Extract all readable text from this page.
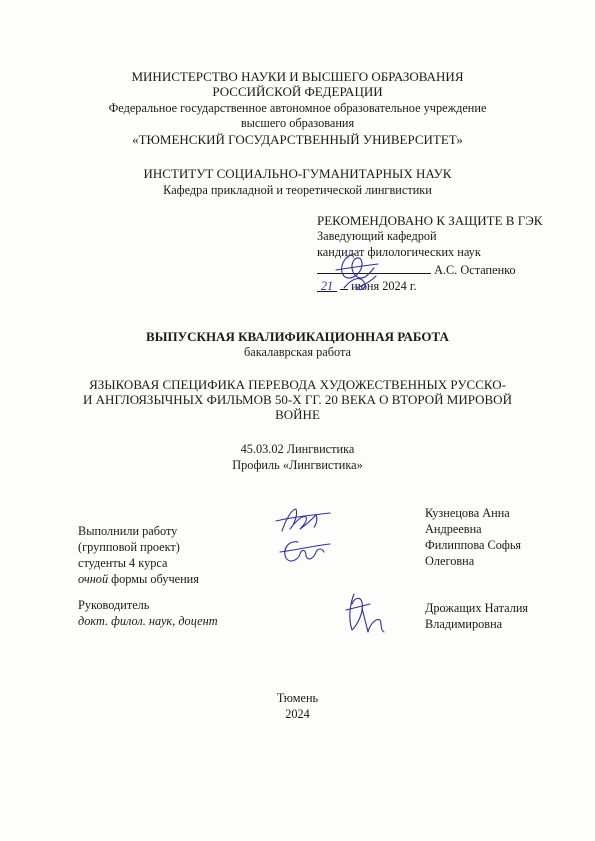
МИНИСТЕРСТВО НАУКИ И ВЫСШЕГО ОБРАЗОВАНИЯ
РОССИЙСКОЙ ФЕДЕРАЦИИ
Федеральное государственное автономное образовательное учреждение
высшего образования
«ТЮМЕНСКИЙ ГОСУДАРСТВЕННЫЙ УНИВЕРСИТЕТ»
ИНСТИТУТ СОЦИАЛЬНО-ГУМАНИТАРНЫХ НАУК
Кафедра прикладной и теоретической лингвистики
РЕКОМЕНДОВАНО К ЗАЩИТЕ В ГЭК
Заведующий кафедрой
кандидат филологических наук
А.С. Остапенко
21 июня 2024 г.
ВЫПУСКНАЯ КВАЛИФИКАЦИОННАЯ РАБОТА
бакалаврская работа
ЯЗЫКОВАЯ СПЕЦИФИКА ПЕРЕВОДА ХУДОЖЕСТВЕННЫХ РУССКО-
И АНГЛОЯЗЫЧНЫХ ФИЛЬМОВ 50-Х ГГ. 20 ВЕКА О ВТОРОЙ МИРОВОЙ
ВОЙНЕ
45.03.02 Лингвистика
Профиль «Лингвистика»
Выполнили работу
(групповой проект)
студенты 4 курса
очной формы обучения
Кузнецова Анна
Андреевна
Филиппова Софья
Олеговна
Руководитель
докт. филол. наук, доцент
Дрожащих Наталия
Владимировна
Тюмень
2024
